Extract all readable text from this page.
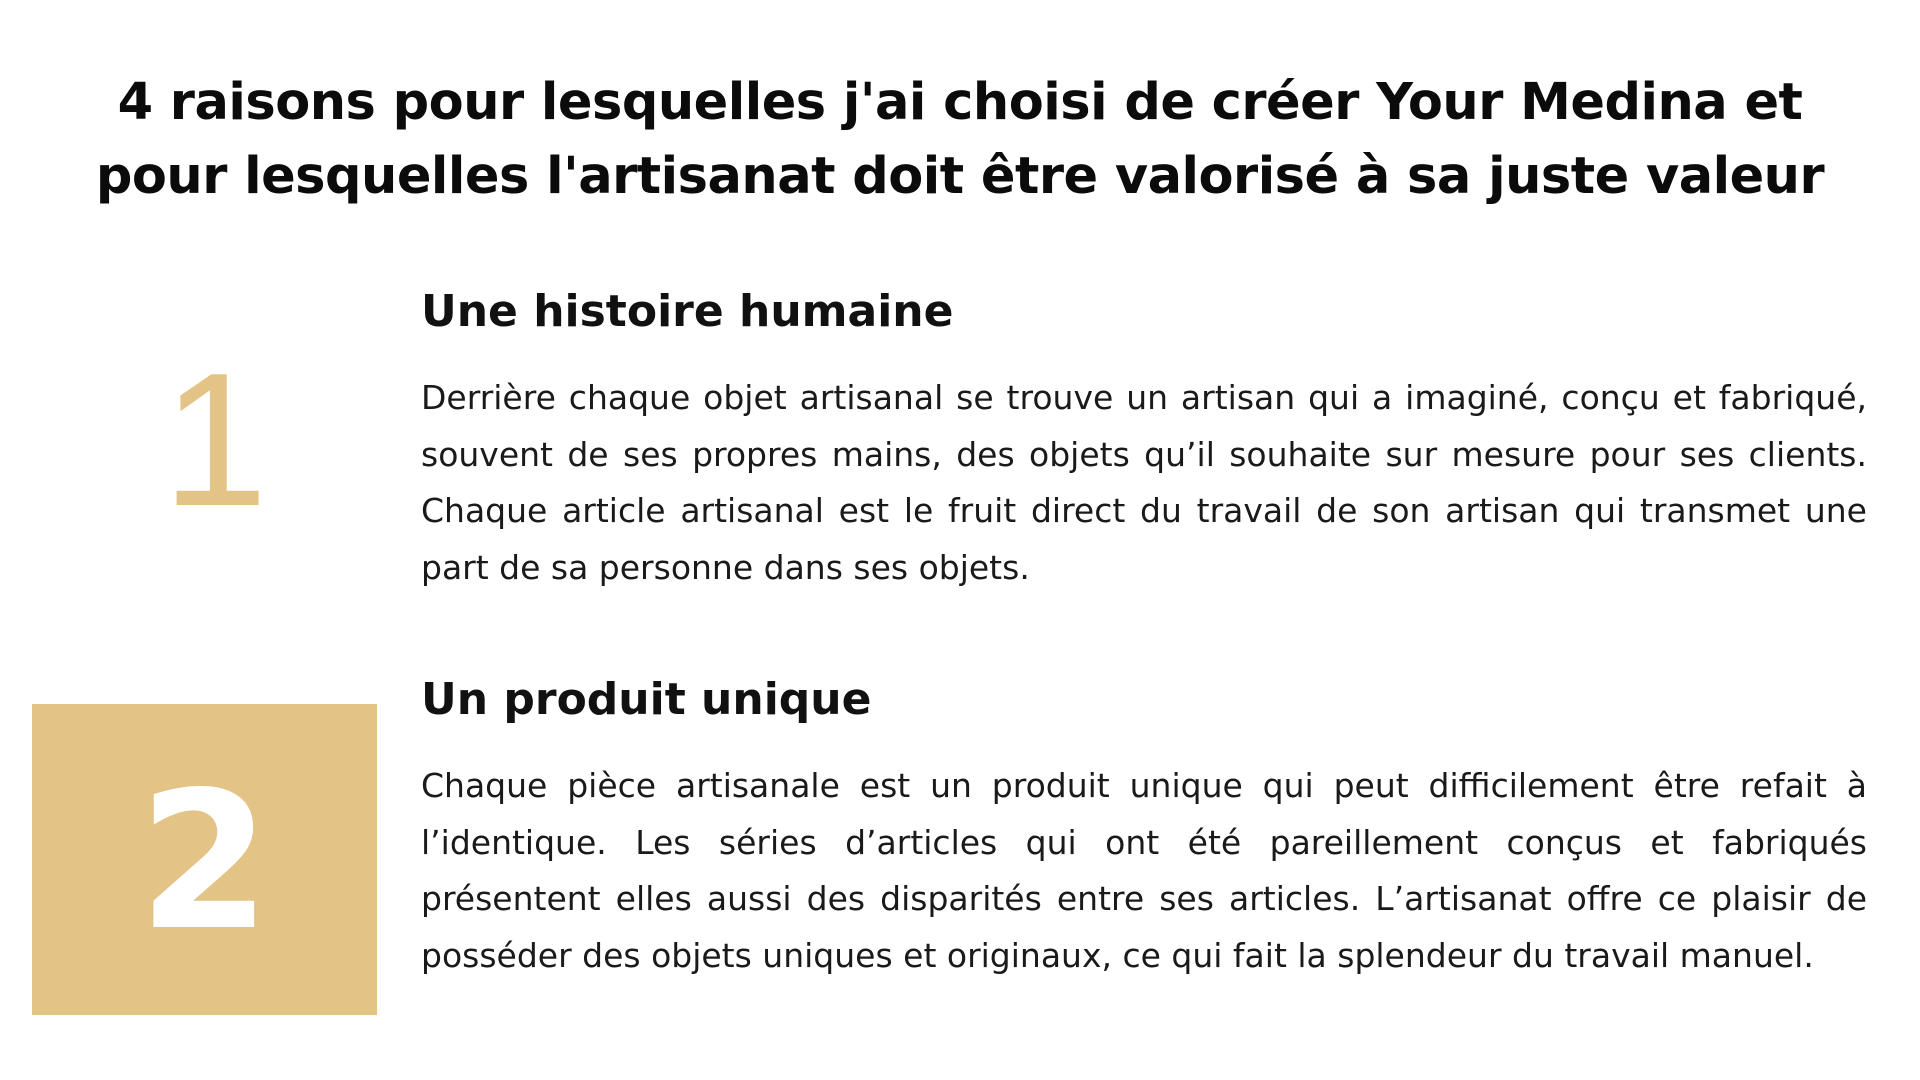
4 raisons pour lesquelles j'ai choisi de créer Your Medina et pour lesquelles l'artisanat doit être valorisé à sa juste valeur
1
2
Une histoire humaine

Derrière chaque objet artisanal se trouve un artisan qui a imaginé, conçu et fabriqué, souvent de ses propres mains, des objets qu’il souhaite sur mesure pour ses clients. Chaque article artisanal est le fruit direct du travail de son artisan qui transmet une part de sa personne dans ses objets.

Un produit unique

Chaque pièce artisanale est un produit unique qui peut difficilement être refait à l’identique. Les séries d’articles qui ont été pareillement conçus et fabriqués présentent elles aussi des disparités entre ses articles. L’artisanat offre ce plaisir de posséder des objets uniques et originaux, ce qui fait la splendeur du travail manuel.
